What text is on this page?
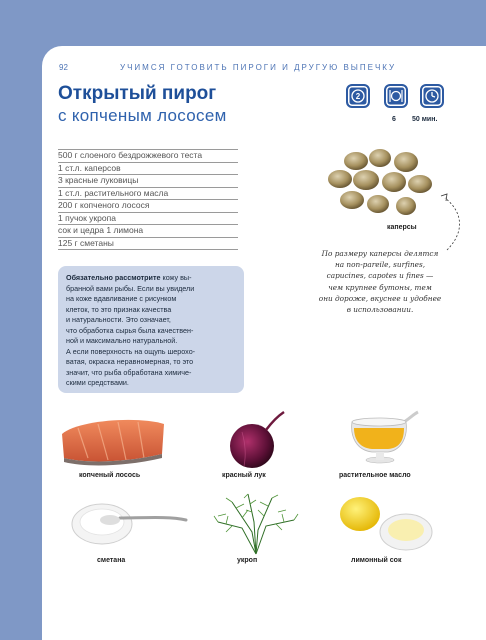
92	УЧИМСЯ ГОТОВИТЬ ПИРОГИ И ДРУГУЮ ВЫПЕЧКУ
Открытый пирог
с копченым лососем
2
6 50 мин.
500 г слоеного бездрожжевого теста
1 ст.л. каперсов
3 красные луковицы
1 ст.л. растительного масла
200 г копченого лосося
1 пучок укропа
сок и цедра 1 лимона
125 г сметаны
Обязательно рассмотрите кожу вы-
бранной вами рыбы. Если вы увидели
на коже вдавливание с рисунком
клеток, то это признак качества
и натуральности. Это означает,
что обработка сырья была качествен-
ной и максимально натуральной.
А если поверхность на ощупь шерохо-
ватая, окраска неравномерная, то это
значит, что рыба обработана химиче-
скими средствами.
каперсы
По размеру каперсы делятся
на non-pareile, surfines,
capucines, capotes и fines —
чем крупнее бутоны, тем
они дороже, вкуснее и удобнее
в использовании.
копченый лосось	красный лук	растительное масло
сметана	укроп	лимонный сок
